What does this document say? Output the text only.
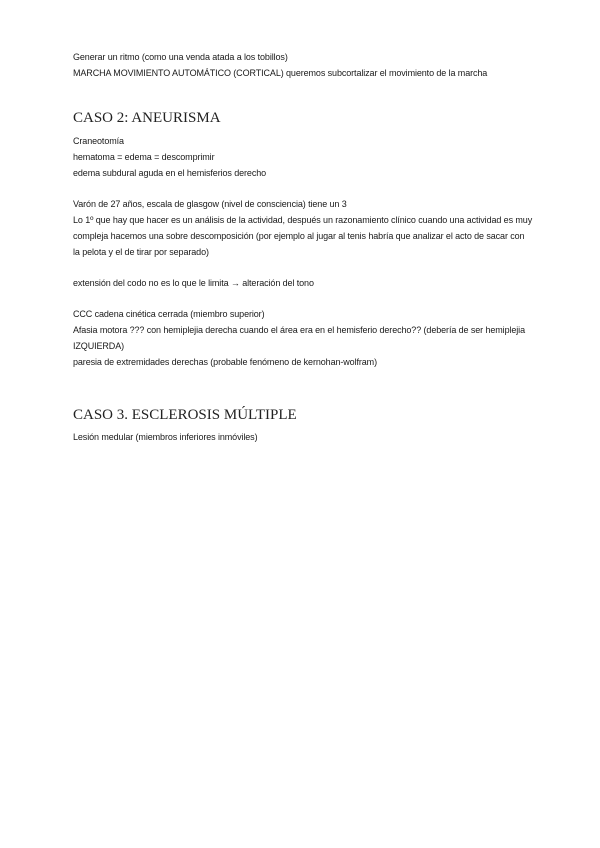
Generar un ritmo (como una venda atada a los tobillos)

MARCHA MOVIMIENTO AUTOMÁTICO (CORTICAL) queremos subcortalizar el movimiento de la marcha

CASO 2: ANEURISMA

Craneotomía

hematoma = edema = descomprimir

edema subdural aguda en el hemisferios derecho

Varón de 27 años, escala de glasgow (nivel de consciencia) tiene un 3

Lo 1º que hay que hacer es un análisis de la actividad, después un razonamiento clínico cuando una actividad es muy compleja hacemos una sobre descomposición (por ejemplo al jugar al tenis habría que analizar el acto de sacar con la pelota y el de tirar por separado)

extensión del codo no es lo que le limita → alteración del tono

CCC cadena cinética cerrada (miembro superior)

Afasia motora ??? con hemiplejia derecha cuando el área era en el hemisferio derecho?? (debería de ser hemiplejia IZQUIERDA)

paresia de extremidades derechas (probable fenómeno de kernohan-wolfram)

CASO 3. ESCLEROSIS MÚLTIPLE

Lesión medular (miembros inferiores inmóviles)
